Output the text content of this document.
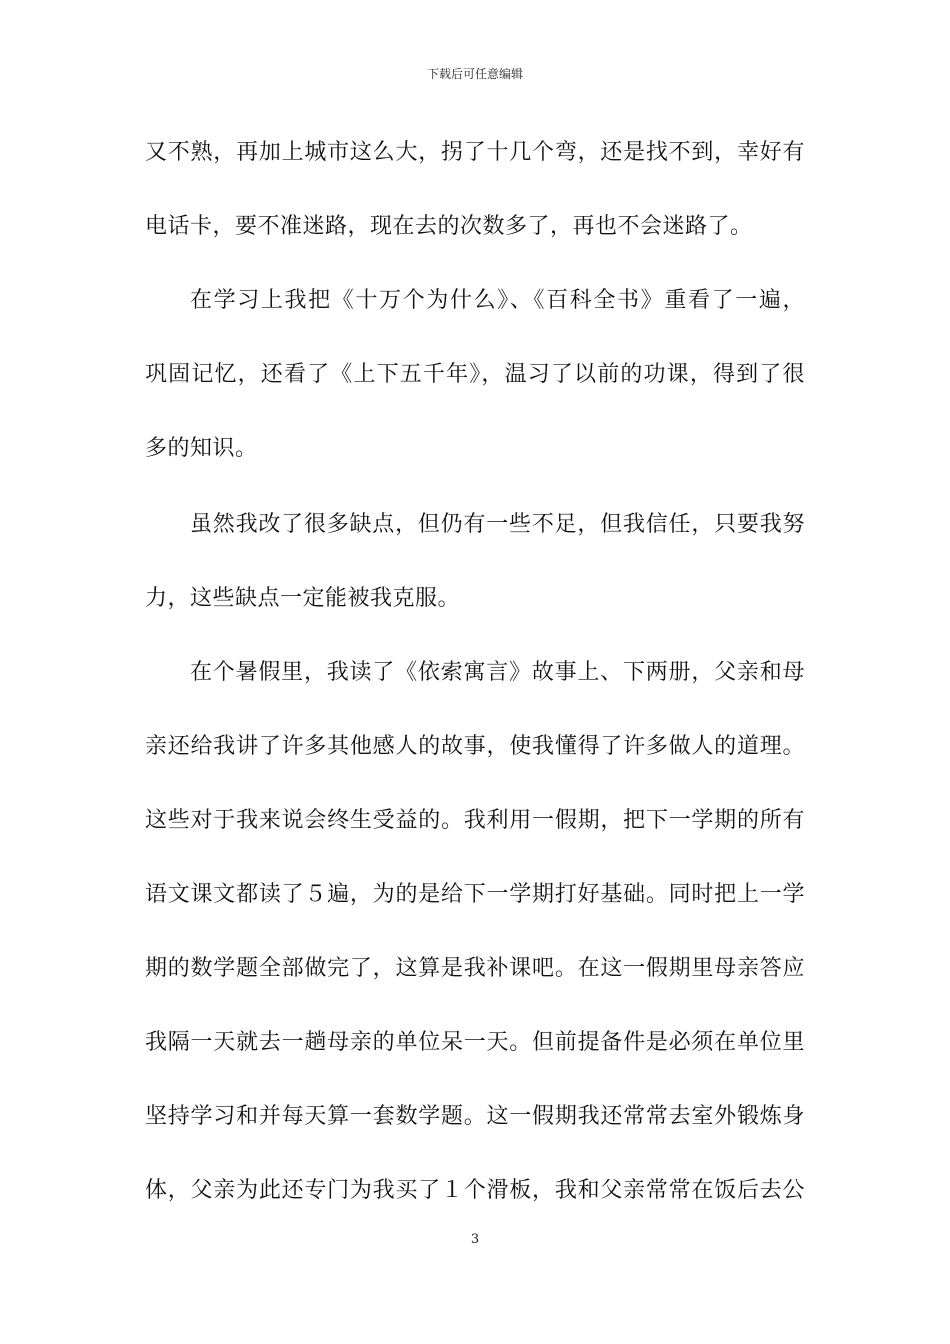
下载后可任意编辑
又不熟，再加上城市这么大，拐了十几个弯，还是找不到，幸好有
电话卡，要不准迷路，现在去的次数多了，再也不会迷路了。
在学习上我把《十万个为什么》、《百科全书》重看了一遍，
巩固记忆，还看了《上下五千年》，温习了以前的功课，得到了很
多的知识。
虽然我改了很多缺点，但仍有一些不足，但我信任，只要我努
力，这些缺点一定能被我克服。
在个暑假里，我读了《依索寓言》故事上、下两册，父亲和母
亲还给我讲了许多其他感人的故事，使我懂得了许多做人的道理。
这些对于我来说会终生受益的。我利用一假期，把下一学期的所有
语文课文都读了５遍，为的是给下一学期打好基础。同时把上一学
期的数学题全部做完了，这算是我补课吧。在这一假期里母亲答应
我隔一天就去一趟母亲的单位呆一天。但前提备件是必须在单位里
坚持学习和并每天算一套数学题。这一假期我还常常去室外锻炼身
体，父亲为此还专门为我买了１个滑板，我和父亲常常在饭后去公
3
